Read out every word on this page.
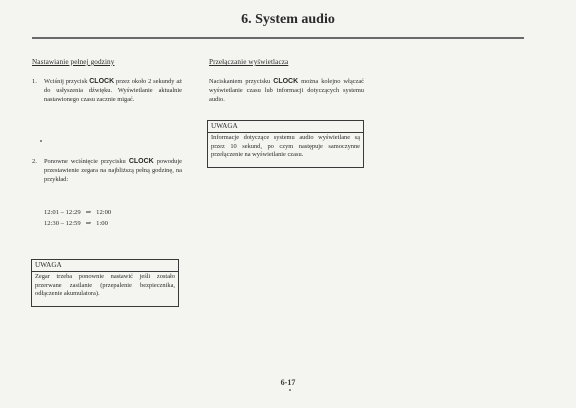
6. System audio
Nastawianie pełnej godziny
1. Wciśnij przycisk CLOCK przez około 2 sekundy aż do usłyszenia dźwięku. Wyświetlanie aktualnie nastawionego czasu zacznie migać.
2. Ponowne wciśnięcie przycisku CLOCK powoduje przestawienie zegara na najbliższą pełną godzinę, na przykład:
12:01 – 12:29 ⇒ 12:00
12:30 – 12:59 ⇒ 1:00
UWAGA
Zegar trzeba ponownie nastawić jeśli zostało przerwane zasilanie (przepalenie bezpiecznika, odłączenie akumulatora).
Przełączanie wyświetlacza
Naciskaniem przycisku CLOCK można kolejno włączać wyświetlanie czasu lub informacji dotyczących systemu audio.
UWAGA
Informacje dotyczące systemu audio wyświetlane są przez 10 sekund, po czym następuje samoczynne przełączenie na wyświetlanie czasu.
6-17
